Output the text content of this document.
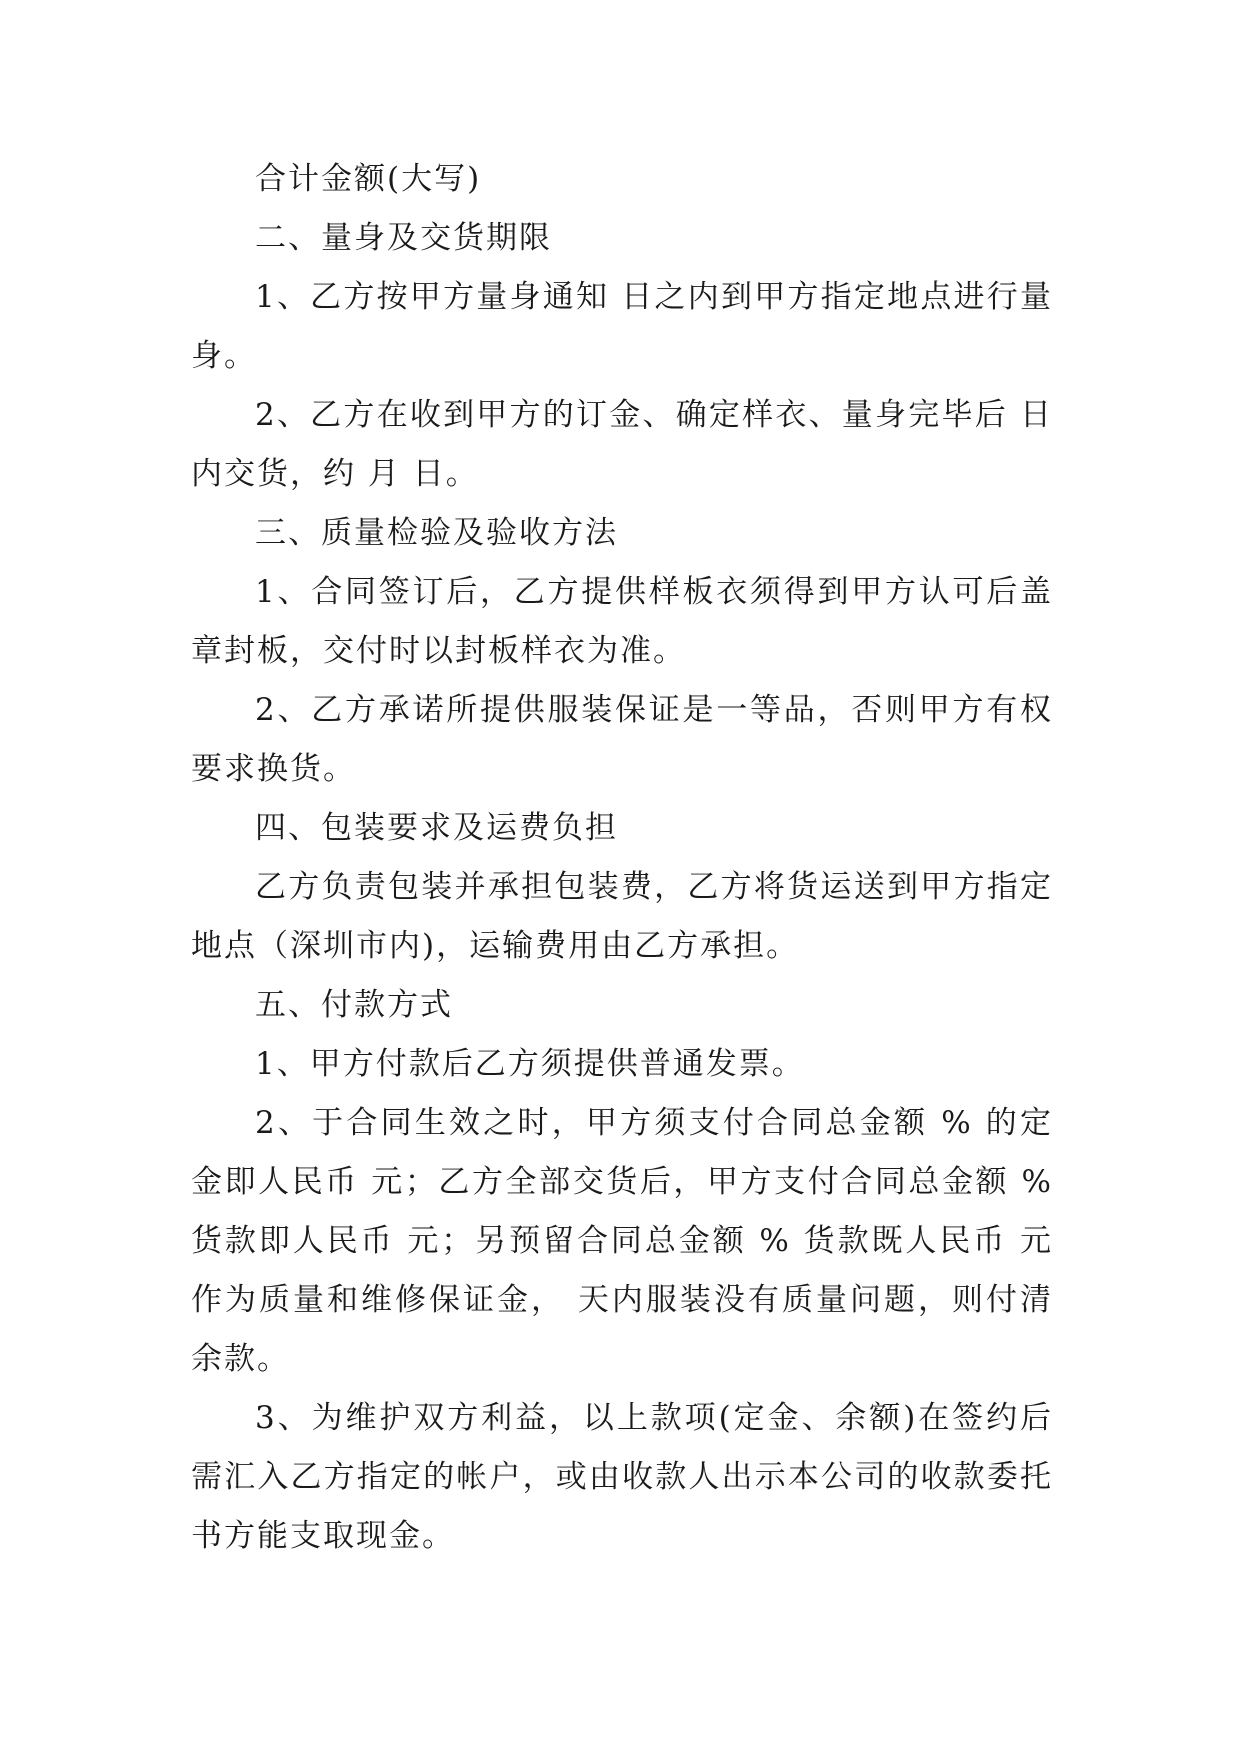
合计金额(大写)

二、量身及交货期限

1、乙方按甲方量身通知 日之内到甲方指定地点进行量身。

2、乙方在收到甲方的订金、确定样衣、量身完毕后 日内交货，约 月 日。

三、质量检验及验收方法

1、合同签订后，乙方提供样板衣须得到甲方认可后盖章封板，交付时以封板样衣为准。

2、乙方承诺所提供服装保证是一等品，否则甲方有权要求换货。

四、包装要求及运费负担

乙方负责包装并承担包装费，乙方将货运送到甲方指定地点（深圳市内)，运输费用由乙方承担。

五、付款方式

1、甲方付款后乙方须提供普通发票。

2、于合同生效之时，甲方须支付合同总金额 % 的定金即人民币 元；乙方全部交货后，甲方支付合同总金额 % 货款即人民币 元；另预留合同总金额 % 货款既人民币 元作为质量和维修保证金， 天内服装没有质量问题，则付清余款。

3、为维护双方利益，以上款项(定金、余额)在签约后需汇入乙方指定的帐户，或由收款人出示本公司的收款委托书方能支取现金。
